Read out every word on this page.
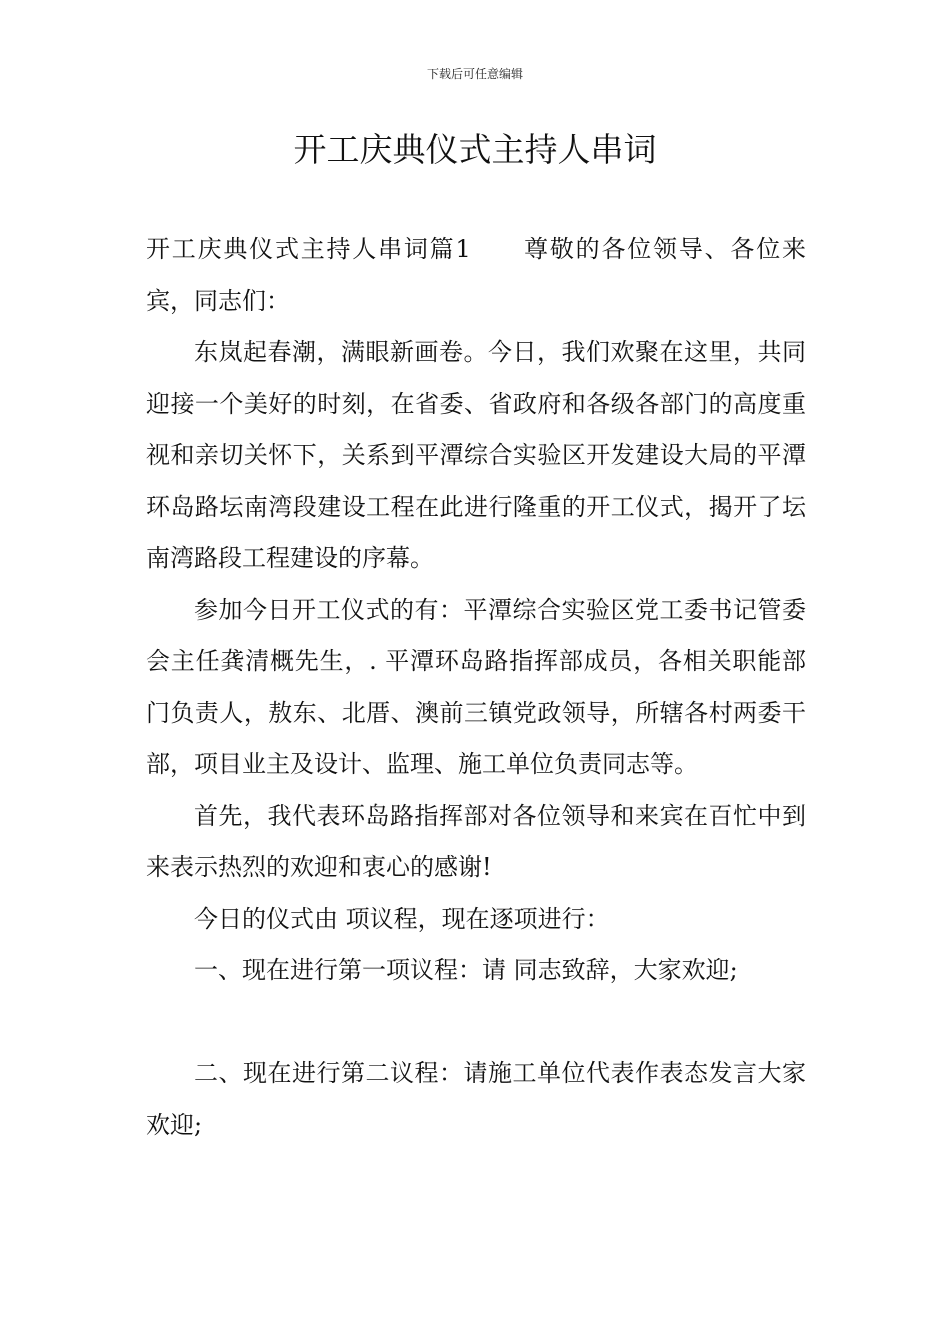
下载后可任意编辑
开工庆典仪式主持人串词

开工庆典仪式主持人串词篇1　　尊敬的各位领导、各位来宾，同志们：

东岚起春潮，满眼新画卷。今日，我们欢聚在这里，共同迎接一个美好的时刻，在省委、省政府和各级各部门的高度重视和亲切关怀下，关系到平潭综合实验区开发建设大局的平潭环岛路坛南湾段建设工程在此进行隆重的开工仪式，揭开了坛南湾路段工程建设的序幕。

参加今日开工仪式的有：平潭综合实验区党工委书记管委会主任龚清概先生，. 平潭环岛路指挥部成员，各相关职能部门负责人，敖东、北厝、澳前三镇党政领导，所辖各村两委干部，项目业主及设计、监理、施工单位负责同志等。

首先，我代表环岛路指挥部对各位领导和来宾在百忙中到来表示热烈的欢迎和衷心的感谢!

今日的仪式由 项议程，现在逐项进行：

一、现在进行第一项议程：请 同志致辞，大家欢迎;

二、现在进行第二议程：请施工单位代表作表态发言大家欢迎;
